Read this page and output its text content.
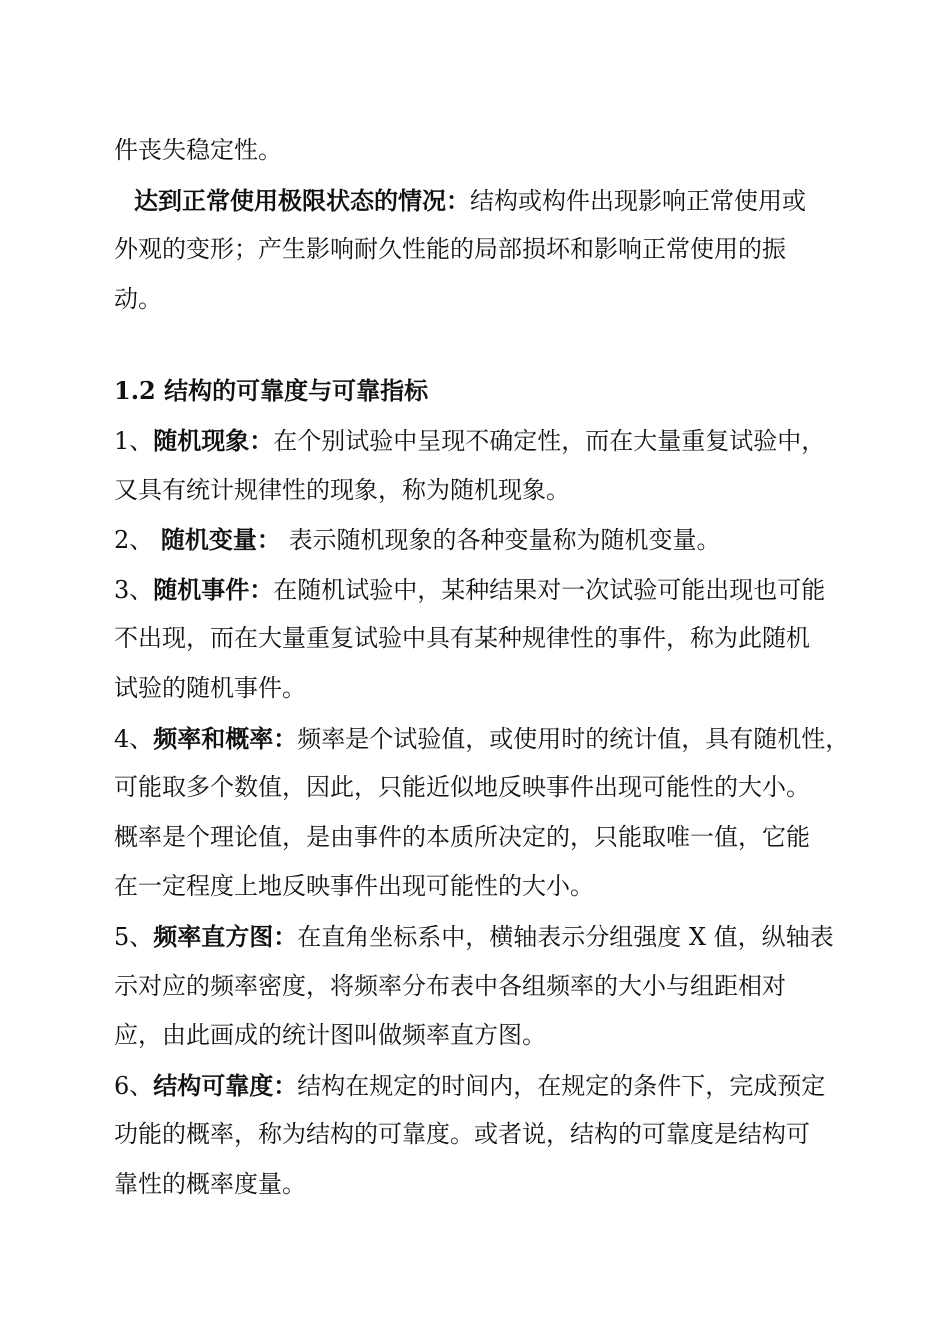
件丧失稳定性。
达到正常使用极限状态的情况：结构或构件出现影响正常使用或
外观的变形；产生影响耐久性能的局部损坏和影响正常使用的振
动。
1.2 结构的可靠度与可靠指标
1、随机现象：在个别试验中呈现不确定性，而在大量重复试验中，
又具有统计规律性的现象，称为随机现象。
2、 随机变量： 表示随机现象的各种变量称为随机变量。
3、随机事件：在随机试验中，某种结果对一次试验可能出现也可能
不出现，而在大量重复试验中具有某种规律性的事件，称为此随机
试验的随机事件。
4、频率和概率：频率是个试验值，或使用时的统计值，具有随机性，
可能取多个数值，因此，只能近似地反映事件出现可能性的大小。
概率是个理论值，是由事件的本质所决定的，只能取唯一值，它能
在一定程度上地反映事件出现可能性的大小。
5、频率直方图：在直角坐标系中，横轴表示分组强度 X 值，纵轴表
示对应的频率密度，将频率分布表中各组频率的大小与组距相对
应，由此画成的统计图叫做频率直方图。
6、结构可靠度：结构在规定的时间内，在规定的条件下，完成预定
功能的概率，称为结构的可靠度。或者说，结构的可靠度是结构可
靠性的概率度量。
